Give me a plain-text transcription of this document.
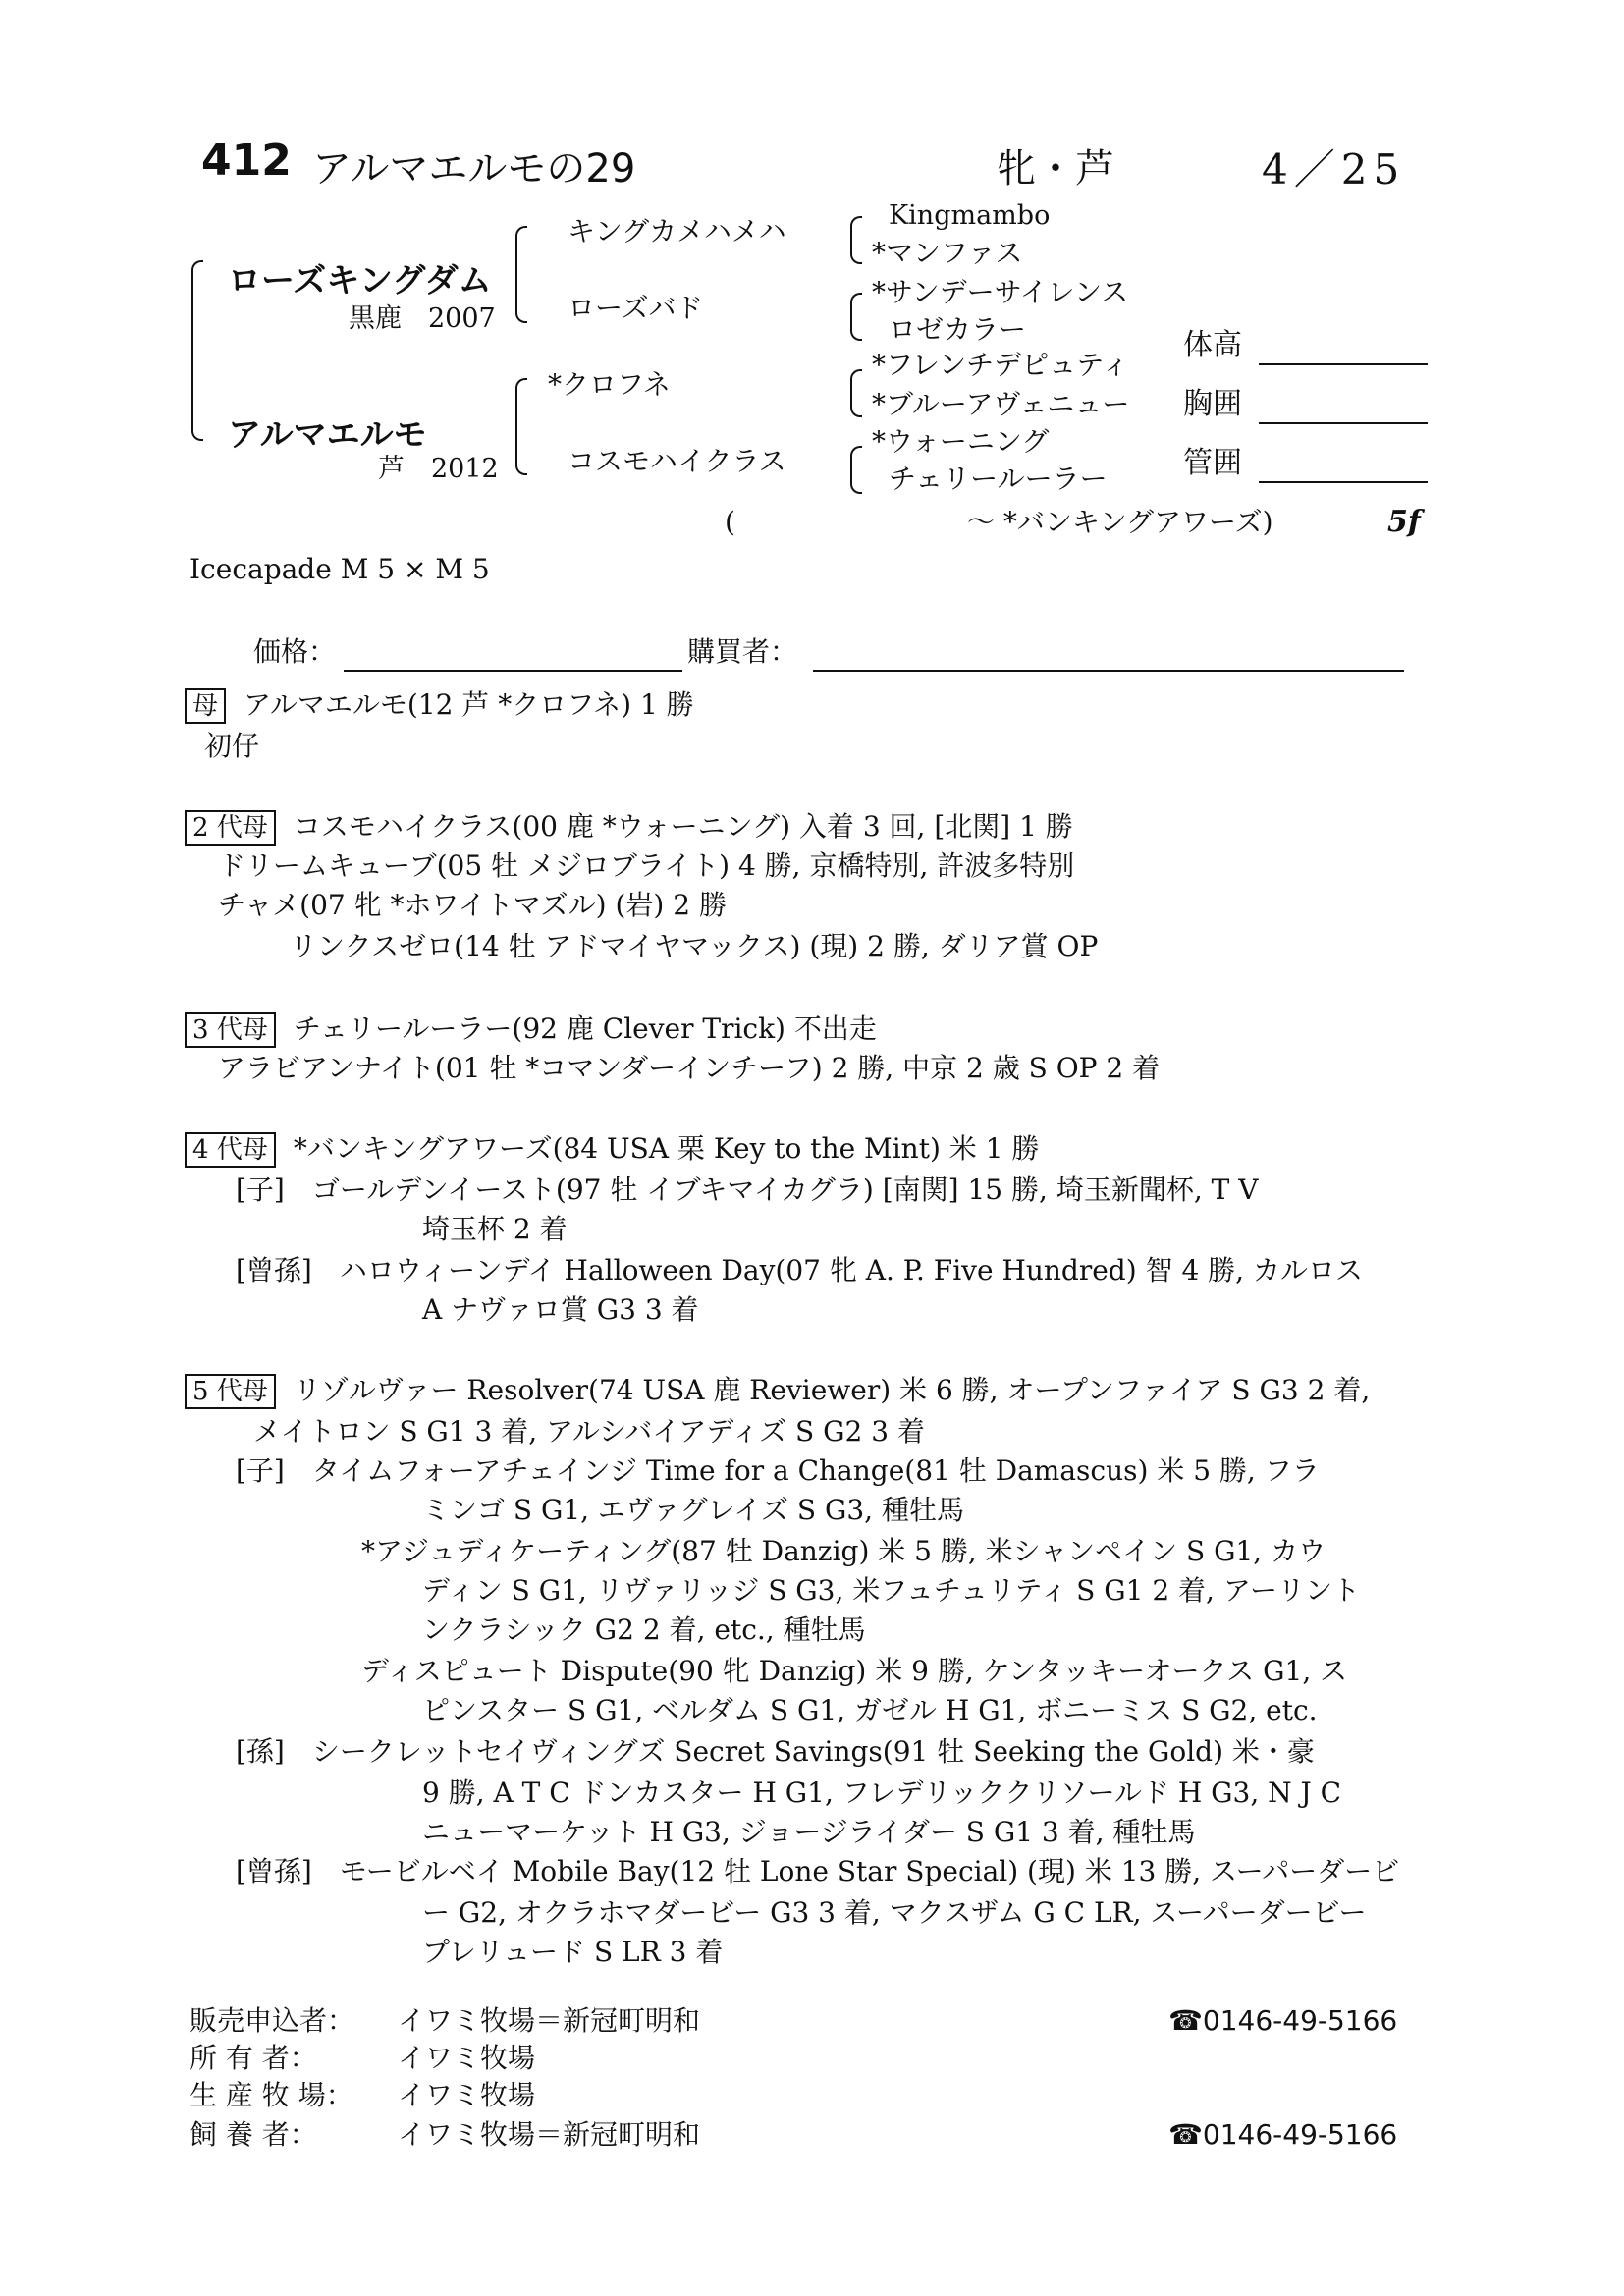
412 アルマエルモの29	牝・芦	4／25
ローズキングダム
黒鹿　2007
アルマエルモ
芦　2012
キングカメハメハ
ローズバド
*クロフネ
コスモハイクラス
Kingmambo
*マンファス
*サンデーサイレンス
ロゼカラー
*フレンチデピュティ
*ブルーアヴェニュー
*ウォーニング
チェリールーラー
体高
胸囲
管囲
(	～ *バンキングアワーズ)	5f
Icecapade M 5 × M 5
価格：	購買者：
母 アルマエルモ(12 芦 *クロフネ) 1 勝
初仔
2 代母 コスモハイクラス(00 鹿 *ウォーニング) 入着 3 回, [北関] 1 勝
ドリームキューブ(05 牡 メジロブライト) 4 勝, 京橋特別, 許波多特別
チャメ(07 牝 *ホワイトマズル) (岩) 2 勝
リンクスゼロ(14 牡 アドマイヤマックス) (現) 2 勝, ダリア賞 OP
3 代母 チェリールーラー(92 鹿 Clever Trick) 不出走
アラビアンナイト(01 牡 *コマンダーインチーフ) 2 勝, 中京 2 歳 S OP 2 着
4 代母 *バンキングアワーズ(84 USA 栗 Key to the Mint) 米 1 勝
[子]　ゴールデンイースト(97 牡 イブキマイカグラ) [南関] 15 勝, 埼玉新聞杯, T V
埼玉杯 2 着
[曾孫]　ハロウィーンデイ Halloween Day(07 牝 A. P. Five Hundred) 智 4 勝, カルロス
A ナヴァロ賞 G3 3 着
5 代母 リゾルヴァー Resolver(74 USA 鹿 Reviewer) 米 6 勝, オープンファイア S G3 2 着,
メイトロン S G1 3 着, アルシバイアディズ S G2 3 着
[子]　タイムフォーアチェインジ Time for a Change(81 牡 Damascus) 米 5 勝, フラ
ミンゴ S G1, エヴァグレイズ S G3, 種牡馬
*アジュディケーティング(87 牡 Danzig) 米 5 勝, 米シャンペイン S G1, カウ
ディン S G1, リヴァリッジ S G3, 米フュチュリティ S G1 2 着, アーリント
ンクラシック G2 2 着, etc., 種牡馬
ディスピュート Dispute(90 牝 Danzig) 米 9 勝, ケンタッキーオークス G1, ス
ピンスター S G1, ベルダム S G1, ガゼル H G1, ボニーミス S G2, etc.
[孫]　シークレットセイヴィングズ Secret Savings(91 牡 Seeking the Gold) 米・豪
9 勝, A T C ドンカスター H G1, フレデリッククリソールド H G3, N J C
ニューマーケット H G3, ジョージライダー S G1 3 着, 種牡馬
[曾孫]　モービルベイ Mobile Bay(12 牡 Lone Star Special) (現) 米 13 勝, スーパーダービ
ー G2, オクラホマダービー G3 3 着, マクスザム G C LR, スーパーダービー
プレリュード S LR 3 着
販売申込者： イワミ牧場＝新冠町明和	☎0146-49-5166
所 有 者：	イワミ牧場
生 産 牧 場： イワミ牧場
飼 養 者：	イワミ牧場＝新冠町明和	☎0146-49-5166
